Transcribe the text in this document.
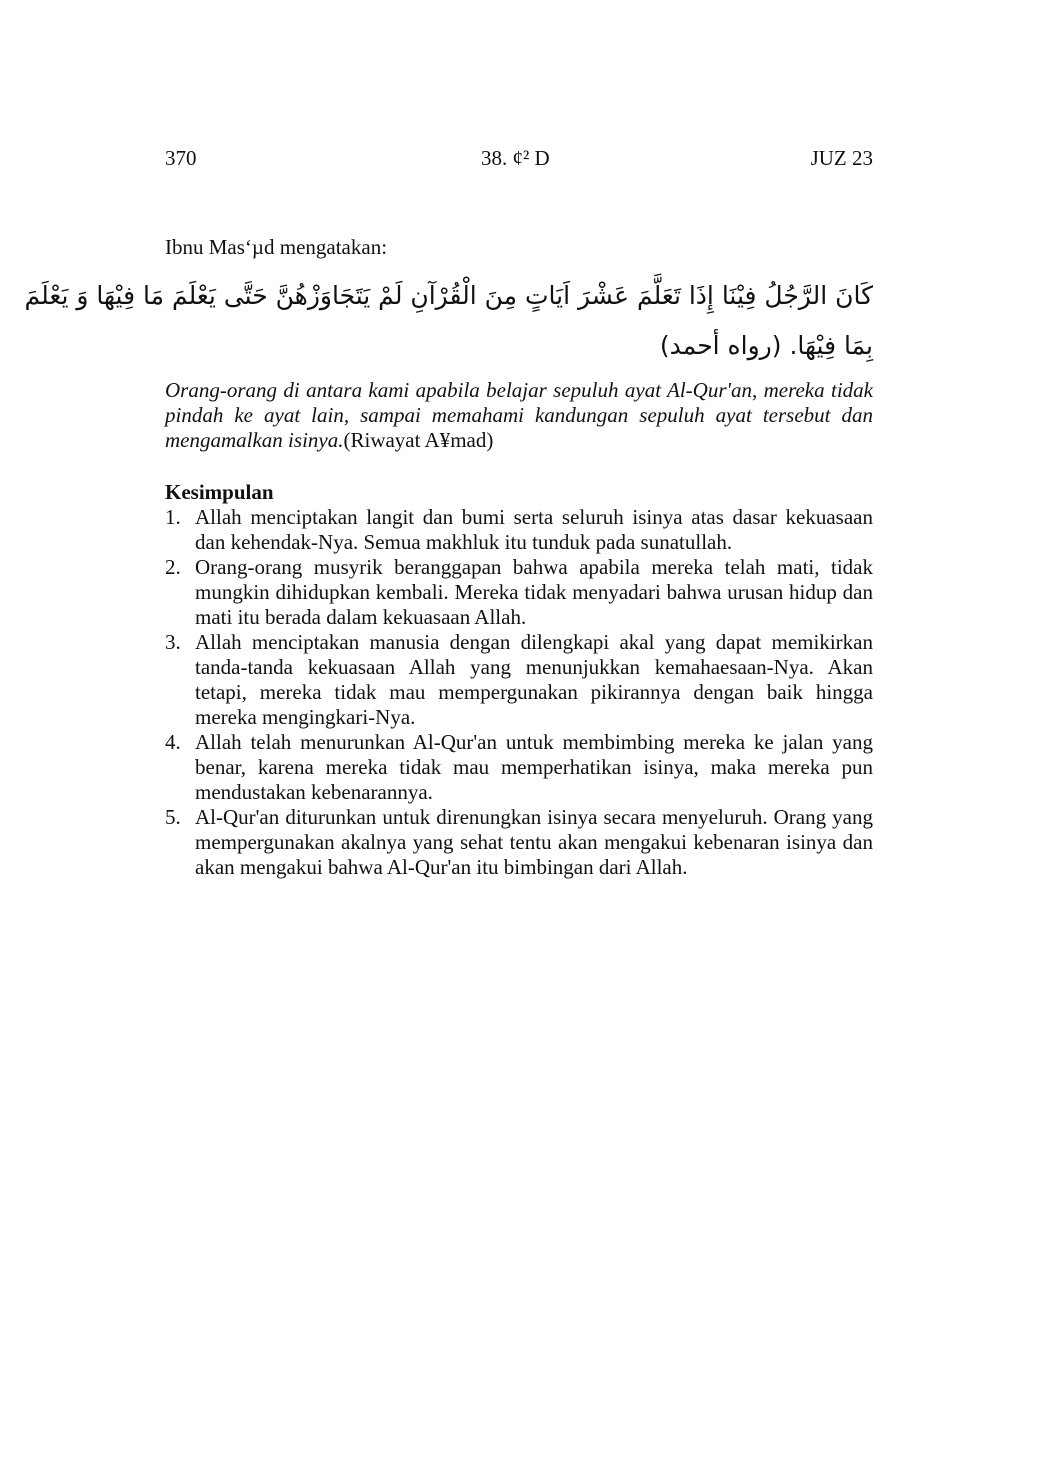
370	38. ¢² D	JUZ 23
Ibnu Mas‘µd mengatakan:
كَانَ الرَّجُلُ فِيْنَا إِذَا تَعَلَّمَ عَشْرَ اَيَاتٍ مِنَ الْقُرْآنِ لَمْ يَتَجَاوَزْهُنَّ حَتَّى يَعْلَمَ مَا فِيْهَا وَ يَعْلَمَ
بِمَا فِيْهَا. (رواه أحمد)
Orang-orang di antara kami apabila belajar sepuluh ayat Al-Qur'an, mereka tidak pindah ke ayat lain, sampai memahami kandungan sepuluh ayat tersebut dan mengamalkan isinya.(Riwayat A¥mad)
Kesimpulan
1. Allah menciptakan langit dan bumi serta seluruh isinya atas dasar kekuasaan dan kehendak-Nya. Semua makhluk itu tunduk pada sunatullah.
2. Orang-orang musyrik beranggapan bahwa apabila mereka telah mati, tidak mungkin dihidupkan kembali. Mereka tidak menyadari bahwa urusan hidup dan mati itu berada dalam kekuasaan Allah.
3. Allah menciptakan manusia dengan dilengkapi akal yang dapat memikirkan tanda-tanda kekuasaan Allah yang menunjukkan kemahaesaan-Nya. Akan tetapi, mereka tidak mau mempergunakan pikirannya dengan baik hingga mereka mengingkari-Nya.
4. Allah telah menurunkan Al-Qur'an untuk membimbing mereka ke jalan yang benar, karena mereka tidak mau memperhatikan isinya, maka mereka pun mendustakan kebenarannya.
5. Al-Qur'an diturunkan untuk direnungkan isinya secara menyeluruh. Orang yang mempergunakan akalnya yang sehat tentu akan mengakui kebenaran isinya dan akan mengakui bahwa Al-Qur'an itu bimbingan dari Allah.
